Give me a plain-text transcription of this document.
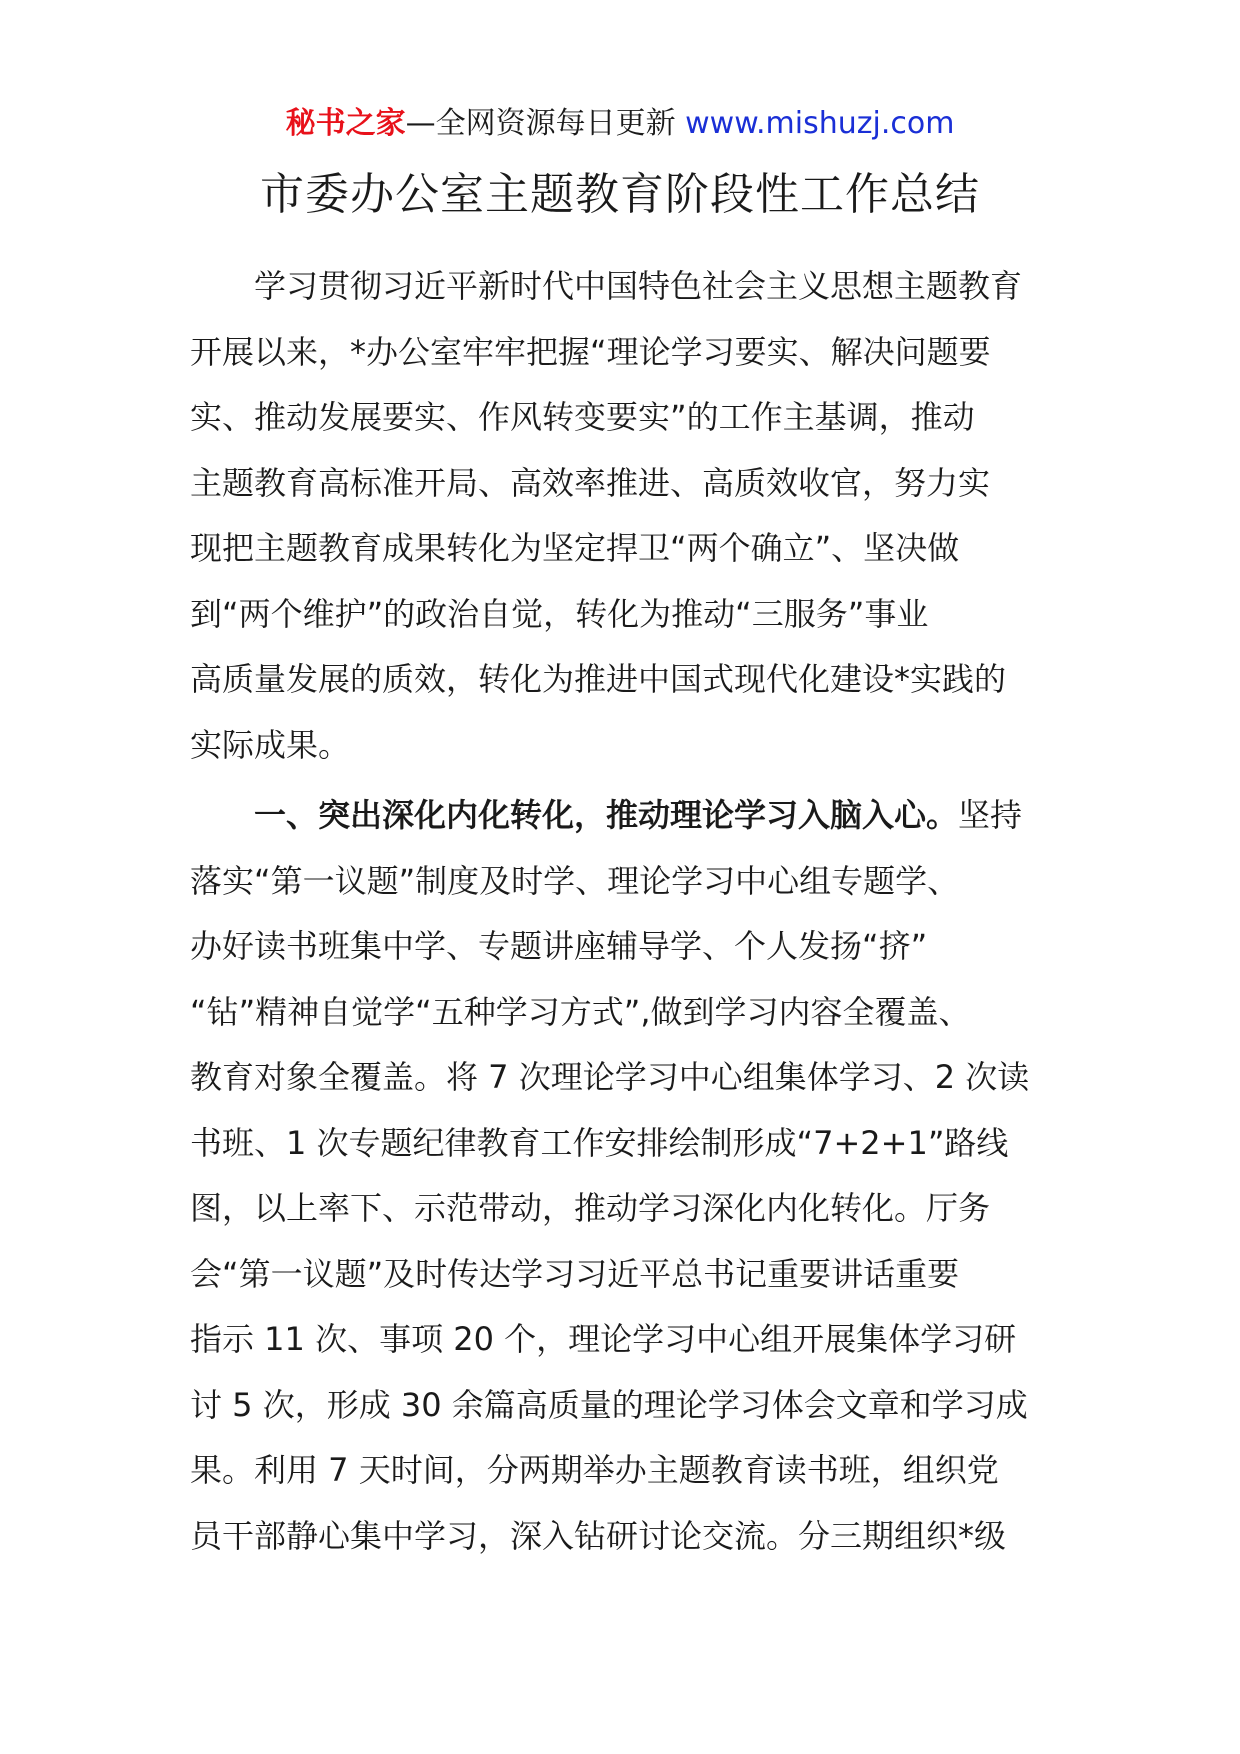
秘书之家—全网资源每日更新 www.mishuzj.com
市委办公室主题教育阶段性工作总结

　　学习贯彻习近平新时代中国特色社会主义思想主题教育
开展以来，*办公室牢牢把握“理论学习要实、解决问题要
实、推动发展要实、作风转变要实”的工作主基调，推动
主题教育高标准开局、高效率推进、高质效收官，努力实
现把主题教育成果转化为坚定捍卫“两个确立”、坚决做
到“两个维护”的政治自觉，转化为推动“三服务”事业
高质量发展的质效，转化为推进中国式现代化建设*实践的
实际成果。

　　一、突出深化内化转化，推动理论学习入脑入心。坚持
落实“第一议题”制度及时学、理论学习中心组专题学、
办好读书班集中学、专题讲座辅导学、个人发扬“挤”
“钻”精神自觉学“五种学习方式”,做到学习内容全覆盖、
教育对象全覆盖。将 7 次理论学习中心组集体学习、2 次读
书班、1 次专题纪律教育工作安排绘制形成“7+2+1”路线
图，以上率下、示范带动，推动学习深化内化转化。厅务
会“第一议题”及时传达学习习近平总书记重要讲话重要
指示 11 次、事项 20 个，理论学习中心组开展集体学习研
讨 5 次，形成 30 余篇高质量的理论学习体会文章和学习成
果。利用 7 天时间，分两期举办主题教育读书班，组织党
员干部静心集中学习，深入钻研讨论交流。分三期组织*级
